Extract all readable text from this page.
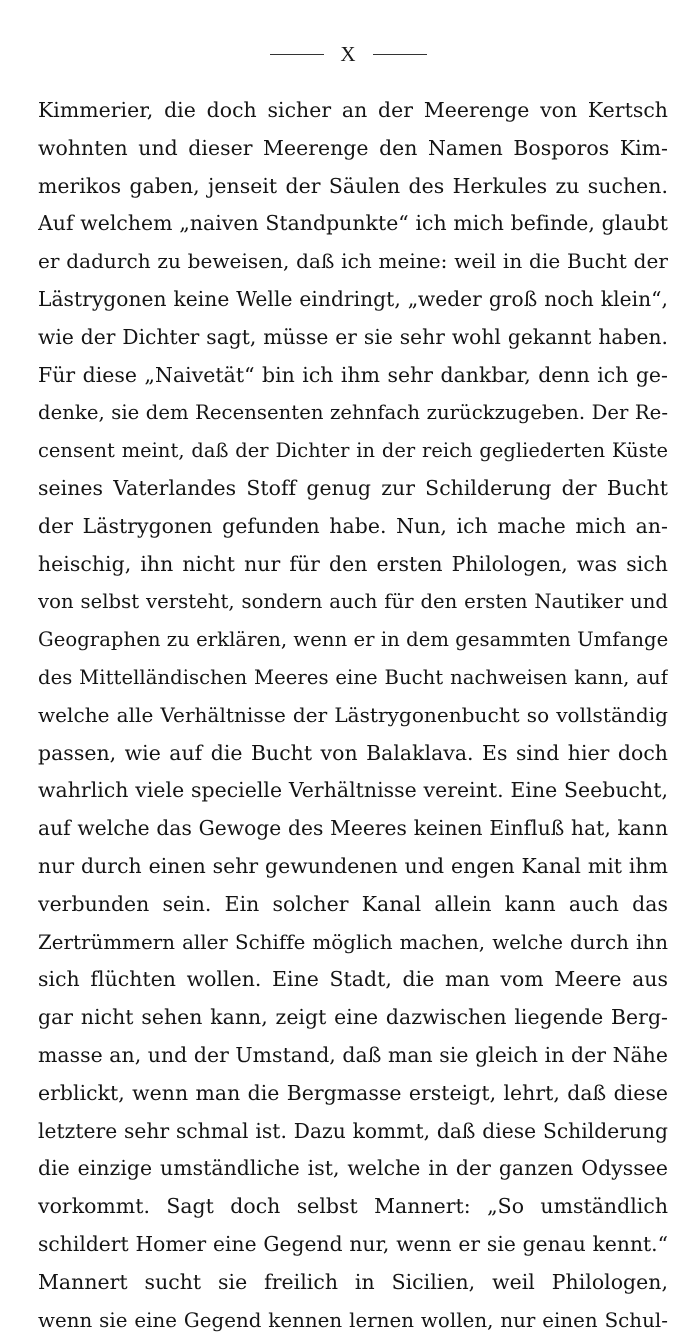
X
Kimmerier, die doch sicher an der Meerenge von Kertsch
wohnten und dieser Meerenge den Namen Bosporos Kim-
merikos gaben, jenseit der Säulen des Herkules zu suchen.
Auf welchem „naiven Standpunkte“ ich mich befinde, glaubt
er dadurch zu beweisen, daß ich meine: weil in die Bucht der
Lästrygonen keine Welle eindringt, „weder groß noch klein“,
wie der Dichter sagt, müsse er sie sehr wohl gekannt haben.
Für diese „Naivetät“ bin ich ihm sehr dankbar, denn ich ge-
denke, sie dem Recensenten zehnfach zurückzugeben. Der Re-
censent meint, daß der Dichter in der reich gegliederten Küste
seines Vaterlandes Stoff genug zur Schilderung der Bucht
der Lästrygonen gefunden habe. Nun, ich mache mich an-
heischig, ihn nicht nur für den ersten Philologen, was sich
von selbst versteht, sondern auch für den ersten Nautiker und
Geographen zu erklären, wenn er in dem gesammten Umfange
des Mittelländischen Meeres eine Bucht nachweisen kann, auf
welche alle Verhältnisse der Lästrygonenbucht so vollständig
passen, wie auf die Bucht von Balaklava. Es sind hier doch
wahrlich viele specielle Verhältnisse vereint. Eine Seebucht,
auf welche das Gewoge des Meeres keinen Einfluß hat, kann
nur durch einen sehr gewundenen und engen Kanal mit ihm
verbunden sein. Ein solcher Kanal allein kann auch das
Zertrümmern aller Schiffe möglich machen, welche durch ihn
sich flüchten wollen. Eine Stadt, die man vom Meere aus
gar nicht sehen kann, zeigt eine dazwischen liegende Berg-
masse an, und der Umstand, daß man sie gleich in der Nähe
erblickt, wenn man die Bergmasse ersteigt, lehrt, daß diese
letztere sehr schmal ist. Dazu kommt, daß diese Schilderung
die einzige umständliche ist, welche in der ganzen Odyssee
vorkommt. Sagt doch selbst Mannert: „So umständlich
schildert Homer eine Gegend nur, wenn er sie genau kennt.“
Mannert sucht sie freilich in Sicilien, weil Philologen,
wenn sie eine Gegend kennen lernen wollen, nur einen Schul-
